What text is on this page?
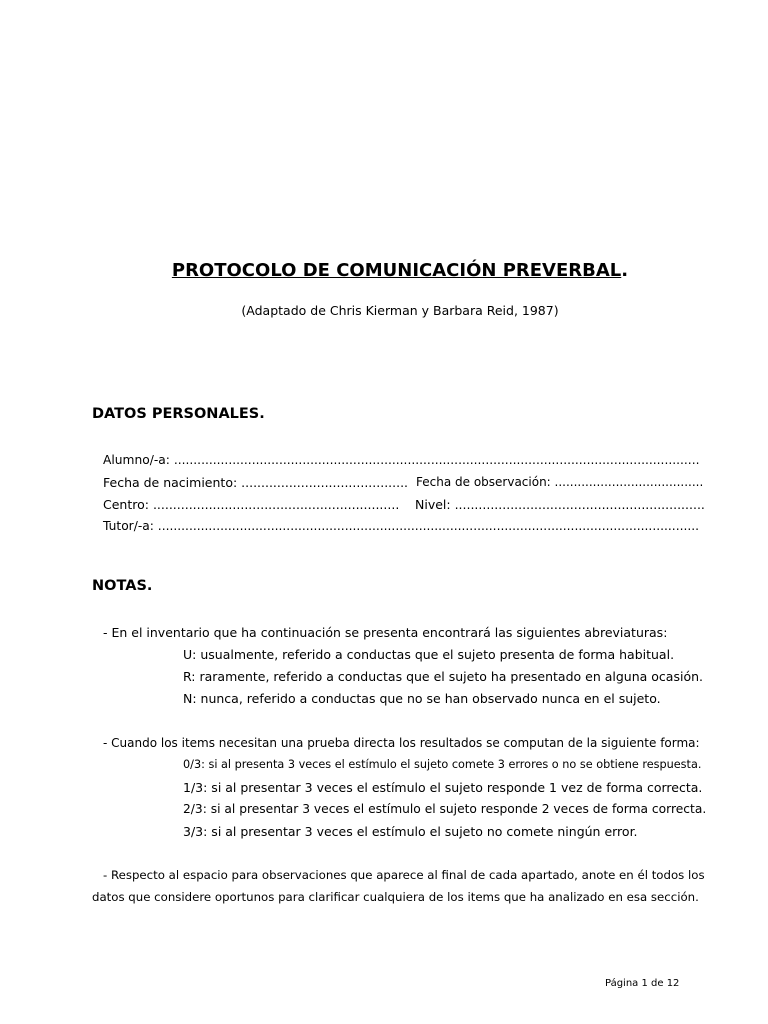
PROTOCOLO DE COMUNICACIÓN PREVERBAL.
(Adaptado de Chris Kierman y Barbara Reid, 1987)
DATOS PERSONALES.
Alumno/-a: .......................................................................................................................................
Fecha de nacimiento: .......................................... Fecha de observación: .......................................
Centro: .............................................................. Nivel: ...............................................................
Tutor/-a: ...........................................................................................................................................
NOTAS.
- En el inventario que ha continuación se presenta encontrará las siguientes abreviaturas:
U: usualmente, referido a conductas que el sujeto presenta de forma habitual.
R: raramente, referido a conductas que el sujeto ha presentado en alguna ocasión.
N: nunca, referido a conductas que no se han observado nunca en el sujeto.
- Cuando los items necesitan una prueba directa los resultados se computan de la siguiente forma:
0/3: si al presenta 3 veces el estímulo el sujeto comete 3 errores o no se obtiene respuesta.
1/3: si al presentar 3 veces el estímulo el sujeto responde 1 vez de forma correcta.
2/3: si al presentar 3 veces el estímulo el sujeto responde 2 veces de forma correcta.
3/3: si al presentar 3 veces el estímulo el sujeto no comete ningún error.
- Respecto al espacio para observaciones que aparece al final de cada apartado, anote en él todos los
datos que considere oportunos para clarificar cualquiera de los items que ha analizado en esa sección.
Página 1 de 12
